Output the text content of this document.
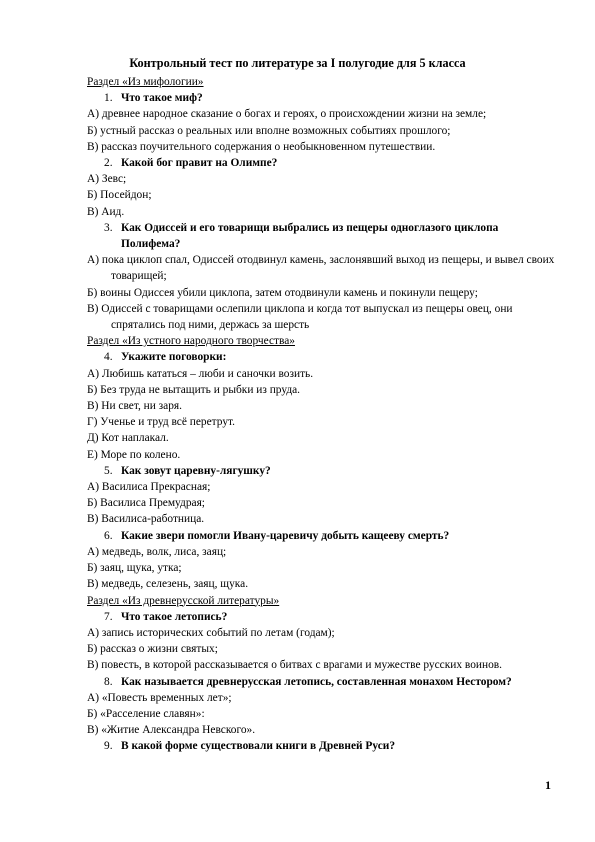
Контрольный тест по литературе за I полугодие для 5 класса
Раздел «Из мифологии»
1. Что такое миф?
А) древнее народное сказание о богах и героях, о происхождении жизни на земле;
Б) устный рассказ о реальных или вполне возможных событиях прошлого;
В) рассказ поучительного содержания о необыкновенном путешествии.
2. Какой бог правит на Олимпе?
А) Зевс;
Б) Посейдон;
В) Аид.
3. Как Одиссей и его товарищи выбрались из пещеры одноглазого циклопа Полифема?
А) пока циклоп спал, Одиссей отодвинул камень, заслонявший выход из пещеры, и вывел своих товарищей;
Б) воины Одиссея убили циклопа, затем отодвинули камень и покинули пещеру;
В) Одиссей с товарищами ослепили циклопа и когда тот выпускал из пещеры овец, они спрятались под ними, держась за шерсть
Раздел «Из устного народного творчества»
4. Укажите поговорки:
А) Любишь кататься – люби и саночки возить.
Б) Без труда не вытащить и рыбки из пруда.
В) Ни свет, ни заря.
Г) Ученье и труд всё перетрут.
Д) Кот наплакал.
Е) Море по колено.
5. Как зовут царевну-лягушку?
А) Василиса Прекрасная;
Б) Василиса Премудрая;
В) Василиса-работница.
6. Какие звери помогли Ивану-царевичу добыть кащееву смерть?
А) медведь, волк, лиса, заяц;
Б) заяц, щука, утка;
В) медведь, селезень, заяц, щука.
Раздел «Из древнерусской литературы»
7. Что такое летопись?
А) запись исторических событий по летам (годам);
Б) рассказ о жизни святых;
В) повесть, в которой рассказывается о битвах с врагами и мужестве русских воинов.
8. Как называется древнерусская летопись, составленная монахом Нестором?
А) «Повесть временных лет»;
Б) «Расселение славян»:
В) «Житие Александра Невского».
9. В какой форме существовали книги в Древней Руси?
1
